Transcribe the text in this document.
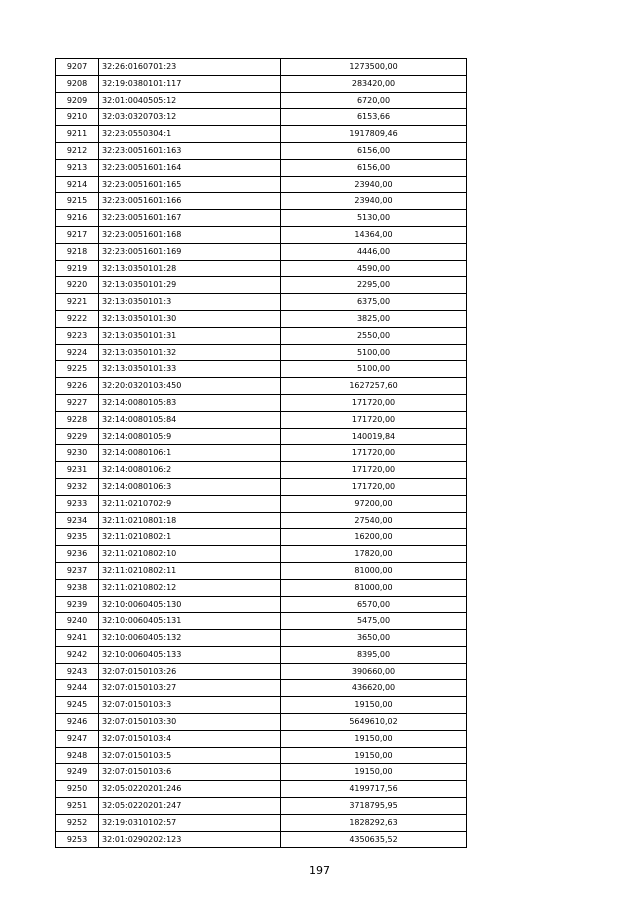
9207	32:26:0160701:23	1273500,00
9208	32:19:0380101:117	283420,00
9209	32:01:0040505:12	6720,00
9210	32:03:0320703:12	6153,66
9211	32:23:0550304:1	1917809,46
9212	32:23:0051601:163	6156,00
9213	32:23:0051601:164	6156,00
9214	32:23:0051601:165	23940,00
9215	32:23:0051601:166	23940,00
9216	32:23:0051601:167	5130,00
9217	32:23:0051601:168	14364,00
9218	32:23:0051601:169	4446,00
9219	32:13:0350101:28	4590,00
9220	32:13:0350101:29	2295,00
9221	32:13:0350101:3	6375,00
9222	32:13:0350101:30	3825,00
9223	32:13:0350101:31	2550,00
9224	32:13:0350101:32	5100,00
9225	32:13:0350101:33	5100,00
9226	32:20:0320103:450	1627257,60
9227	32:14:0080105:83	171720,00
9228	32:14:0080105:84	171720,00
9229	32:14:0080105:9	140019,84
9230	32:14:0080106:1	171720,00
9231	32:14:0080106:2	171720,00
9232	32:14:0080106:3	171720,00
9233	32:11:0210702:9	97200,00
9234	32:11:0210801:18	27540,00
9235	32:11:0210802:1	16200,00
9236	32:11:0210802:10	17820,00
9237	32:11:0210802:11	81000,00
9238	32:11:0210802:12	81000,00
9239	32:10:0060405:130	6570,00
9240	32:10:0060405:131	5475,00
9241	32:10:0060405:132	3650,00
9242	32:10:0060405:133	8395,00
9243	32:07:0150103:26	390660,00
9244	32:07:0150103:27	436620,00
9245	32:07:0150103:3	19150,00
9246	32:07:0150103:30	5649610,02
9247	32:07:0150103:4	19150,00
9248	32:07:0150103:5	19150,00
9249	32:07:0150103:6	19150,00
9250	32:05:0220201:246	4199717,56
9251	32:05:0220201:247	3718795,95
9252	32:19:0310102:57	1828292,63
9253	32:01:0290202:123	4350635,52
197
